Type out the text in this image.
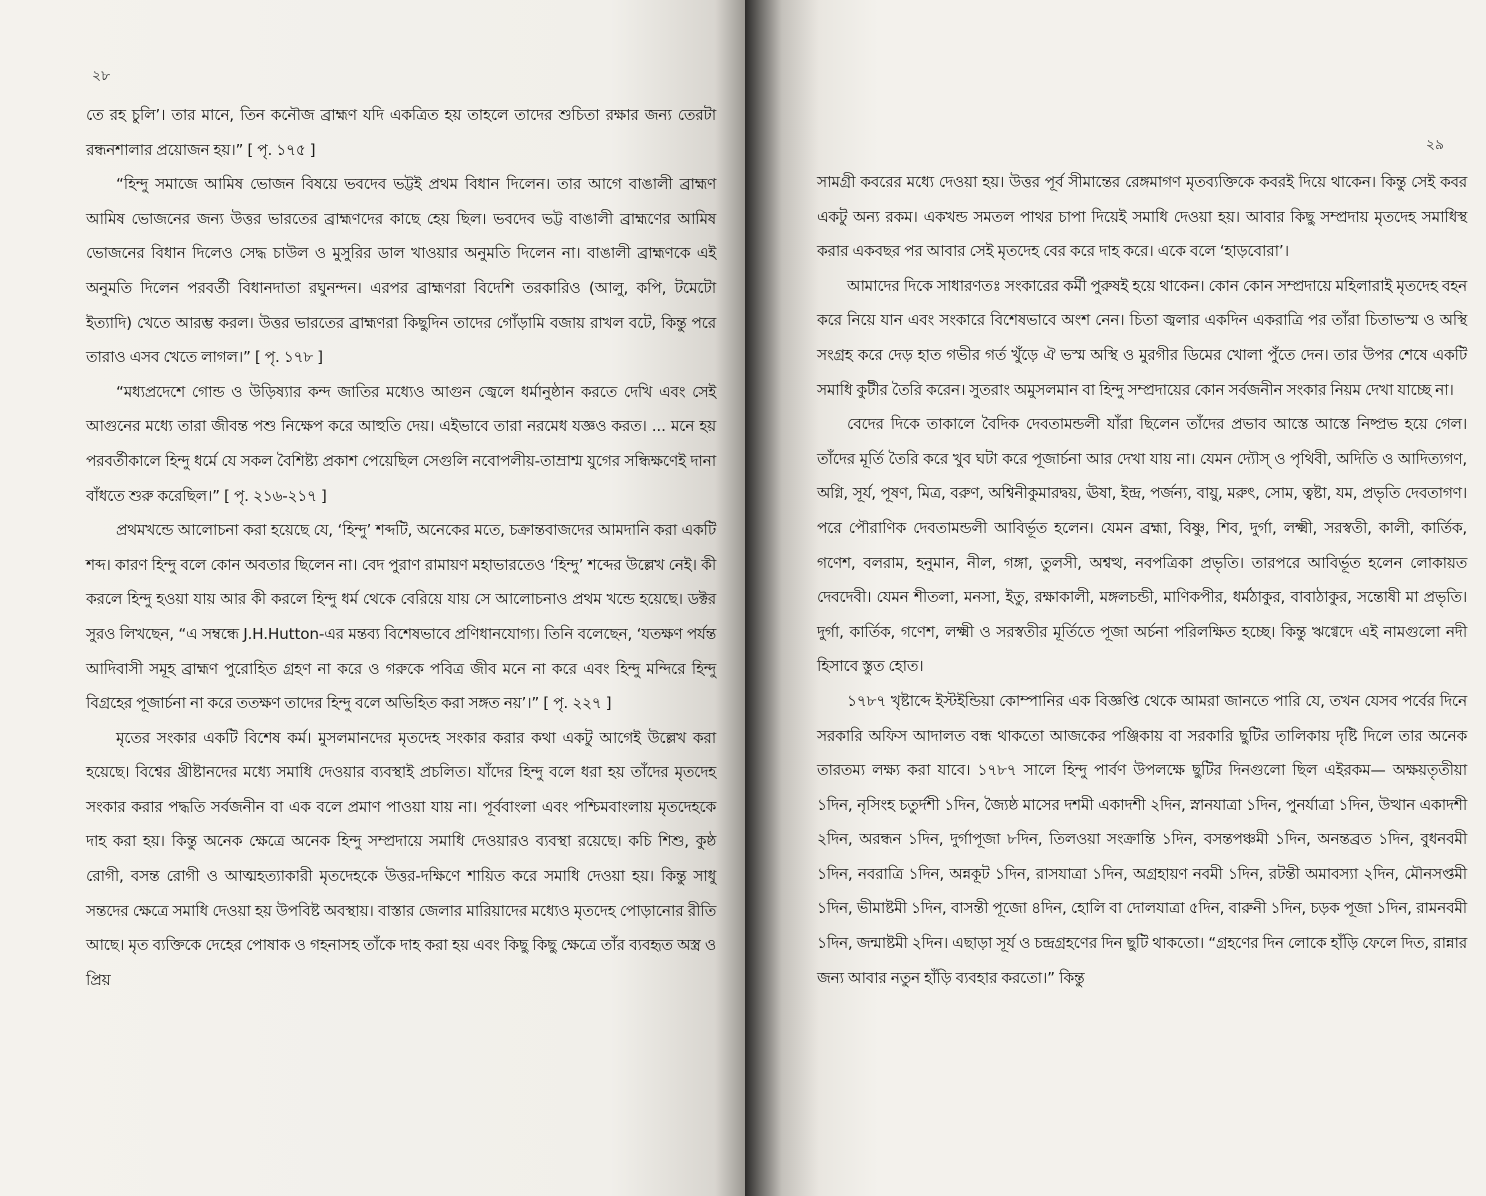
২৮

তে রহ চুলি’। তার মানে, তিন কনৌজ ব্রাহ্মণ যদি একত্রিত হয় তাহলে তাদের শুচিতা রক্ষার জন্য তেরটা রন্ধনশালার প্রয়োজন হয়।” [ পৃ. ১৭৫ ]

“হিন্দু সমাজে আমিষ ভোজন বিষয়ে ভবদেব ভট্টই প্রথম বিধান দিলেন। তার আগে বাঙালী ব্রাহ্মণ আমিষ ভোজনের জন্য উত্তর ভারতের ব্রাহ্মণদের কাছে হেয় ছিল। ভবদেব ভট্ট বাঙালী ব্রাহ্মণের আমিষ ভোজনের বিধান দিলেও সেদ্ধ চাউল ও মুসুরির ডাল খাওয়ার অনুমতি দিলেন না। বাঙালী ব্রাহ্মণকে এই অনুমতি দিলেন পরবর্তী বিধানদাতা রঘুনন্দন। এরপর ব্রাহ্মণরা বিদেশি তরকারিও (আলু, কপি, টমেটো ইত্যাদি) খেতে আরম্ভ করল। উত্তর ভারতের ব্রাহ্মণরা কিছুদিন তাদের গোঁড়ামি বজায় রাখল বটে, কিন্তু পরে তারাও এসব খেতে লাগল।” [ পৃ. ১৭৮ ]

“মধ্যপ্রদেশে গোন্ড ও উড়িষ্যার কন্দ জাতির মধ্যেও আগুন জ্বেলে ধর্মানুষ্ঠান করতে দেখি এবং সেই আগুনের মধ্যে তারা জীবন্ত পশু নিক্ষেপ করে আহুতি দেয়। এইভাবে তারা নরমেধ যজ্ঞও করত। ... মনে হয় পরবর্তীকালে হিন্দু ধর্মে যে সকল বৈশিষ্ট্য প্রকাশ পেয়েছিল সেগুলি নবোপলীয়-তাম্রাশ্ম যুগের সন্ধিক্ষণেই দানা বাঁধতে শুরু করেছিল।” [ পৃ. ২১৬-২১৭ ]

প্রথমখন্ডে আলোচনা করা হয়েছে যে, ‘হিন্দু’ শব্দটি, অনেকের মতে, চক্রান্তবাজদের আমদানি করা একটি শব্দ। কারণ হিন্দু বলে কোন অবতার ছিলেন না। বেদ পুরাণ রামায়ণ মহাভারতেও ‘হিন্দু’ শব্দের উল্লেখ নেই। কী করলে হিন্দু হওয়া যায় আর কী করলে হিন্দু ধর্ম থেকে বেরিয়ে যায় সে আলোচনাও প্রথম খন্ডে হয়েছে। ডক্টর সুরও লিখছেন, “এ সম্বন্ধে J.H.Hutton-এর মন্তব্য বিশেষভাবে প্রণিধানযোগ্য। তিনি বলেছেন, ‘যতক্ষণ পর্যন্ত আদিবাসী সমূহ ব্রাহ্মণ পুরোহিত গ্রহণ না করে ও গরুকে পবিত্র জীব মনে না করে এবং হিন্দু মন্দিরে হিন্দু বিগ্রহের পূজার্চনা না করে ততক্ষণ তাদের হিন্দু বলে অভিহিত করা সঙ্গত নয়’।” [ পৃ. ২২৭ ]

মৃতের সংকার একটি বিশেষ কর্ম। মুসলমানদের মৃতদেহ সংকার করার কথা একটু আগেই উল্লেখ করা হয়েছে। বিশ্বের খ্রীষ্টানদের মধ্যে সমাধি দেওয়ার ব্যবস্থাই প্রচলিত। যাঁদের হিন্দু বলে ধরা হয় তাঁদের মৃতদেহ সংকার করার পদ্ধতি সর্বজনীন বা এক বলে প্রমাণ পাওয়া যায় না। পূর্ববাংলা এবং পশ্চিমবাংলায় মৃতদেহকে দাহ করা হয়। কিন্তু অনেক ক্ষেত্রে অনেক হিন্দু সম্প্রদায়ে সমাধি দেওয়ারও ব্যবস্থা রয়েছে। কচি শিশু, কুষ্ঠ রোগী, বসন্ত রোগী ও আত্মহত্যাকারী মৃতদেহকে উত্তর-দক্ষিণে শায়িত করে সমাধি দেওয়া হয়। কিন্তু সাধু সন্তদের ক্ষেত্রে সমাধি দেওয়া হয় উপবিষ্ট অবস্থায়। বাস্তার জেলার মারিয়াদের মধ্যেও মৃতদেহ পোড়ানোর রীতি আছে। মৃত ব্যক্তিকে দেহের পোষাক ও গহনাসহ তাঁকে দাহ করা হয় এবং কিছু কিছু ক্ষেত্রে তাঁর ব্যবহৃত অস্ত্র ও প্রিয়

২৯

সামগ্রী কবরের মধ্যে দেওয়া হয়। উত্তর পূর্ব সীমান্তের রেঙ্গমাগণ মৃতব্যক্তিকে কবরই দিয়ে থাকেন। কিন্তু সেই কবর একটু অন্য রকম। একখন্ড সমতল পাথর চাপা দিয়েই সমাধি দেওয়া হয়। আবার কিছু সম্প্রদায় মৃতদেহ সমাধিস্থ করার একবছর পর আবার সেই মৃতদেহ বের করে দাহ করে। একে বলে ‘হাড়বোরা’।

আমাদের দিকে সাধারণতঃ সংকারের কর্মী পুরুষই হয়ে থাকেন। কোন কোন সম্প্রদায়ে মহিলারাই মৃতদেহ বহন করে নিয়ে যান এবং সংকারে বিশেষভাবে অংশ নেন। চিতা জ্বলার একদিন একরাত্রি পর তাঁরা চিতাভস্ম ও অস্থি সংগ্রহ করে দেড় হাত গভীর গর্ত খুঁড়ে ঐ ভস্ম অস্থি ও মুরগীর ডিমের খোলা পুঁতে দেন। তার উপর শেষে একটি সমাধি কুটীর তৈরি করেন। সুতরাং অমুসলমান বা হিন্দু সম্প্রদায়ের কোন সর্বজনীন সংকার নিয়ম দেখা যাচ্ছে না।

বেদের দিকে তাকালে বৈদিক দেবতামন্ডলী যাঁরা ছিলেন তাঁদের প্রভাব আস্তে আস্তে নিষ্প্রভ হয়ে গেল। তাঁদের মূর্তি তৈরি করে খুব ঘটা করে পূজার্চনা আর দেখা যায় না। যেমন দ্যৌস্ ও পৃথিবী, অদিতি ও আদিত্যগণ, অগ্নি, সূর্য, পূষণ, মিত্র, বরুণ, অশ্বিনীকুমারদ্বয়, ঊষা, ইন্দ্র, পর্জন্য, বায়ু, মরুৎ, সোম, ত্বষ্টা, যম, প্রভৃতি দেবতাগণ। পরে পৌরাণিক দেবতামন্ডলী আবির্ভূত হলেন। যেমন ব্রহ্মা, বিষ্ণু, শিব, দুর্গা, লক্ষ্মী, সরস্বতী, কালী, কার্তিক, গণেশ, বলরাম, হনুমান, নীল, গঙ্গা, তুলসী, অশ্বত্থ, নবপত্রিকা প্রভৃতি। তারপরে আবির্ভূত হলেন লোকায়ত দেবদেবী। যেমন শীতলা, মনসা, ইতু, রক্ষাকালী, মঙ্গলচন্ডী, মাণিকপীর, ধর্মঠাকুর, বাবাঠাকুর, সন্তোষী মা প্রভৃতি। দুর্গা, কার্তিক, গণেশ, লক্ষ্মী ও সরস্বতীর মূর্তিতে পূজা অর্চনা পরিলক্ষিত হচ্ছে। কিন্তু ঋগ্বেদে এই নামগুলো নদী হিসাবে স্তুত হোত।

১৭৮৭ খৃষ্টাব্দে ইস্টইন্ডিয়া কোম্পানির এক বিজ্ঞপ্তি থেকে আমরা জানতে পারি যে, তখন যেসব পর্বের দিনে সরকারি অফিস আদালত বন্ধ থাকতো আজকের পঞ্জিকায় বা সরকারি ছুটির তালিকায় দৃষ্টি দিলে তার অনেক তারতম্য লক্ষ্য করা যাবে। ১৭৮৭ সালে হিন্দু পার্বণ উপলক্ষে ছুটির দিনগুলো ছিল এইরকম— অক্ষয়তৃতীয়া ১দিন, নৃসিংহ চতুর্দশী ১দিন, জ্যৈষ্ঠ মাসের দশমী একাদশী ২দিন, স্নানযাত্রা ১দিন, পুনর্যাত্রা ১দিন, উত্থান একাদশী ২দিন, অরন্ধন ১দিন, দুর্গাপূজা ৮দিন, তিলওয়া সংক্রান্তি ১দিন, বসন্তপঞ্চমী ১দিন, অনন্তব্রত ১দিন, বুধনবমী ১দিন, নবরাত্রি ১দিন, অন্নকূট ১দিন, রাসযাত্রা ১দিন, অগ্রহায়ণ নবমী ১দিন, রটন্তী অমাবস্যা ২দিন, মৌনসপ্তমী ১দিন, ভীমাষ্টমী ১দিন, বাসন্তী পূজো ৪দিন, হোলি বা দোলযাত্রা ৫দিন, বারুনী ১দিন, চড়ক পূজা ১দিন, রামনবমী ১দিন, জন্মাষ্টমী ২দিন। এছাড়া সূর্য ও চন্দ্রগ্রহণের দিন ছুটি থাকতো। “গ্রহণের দিন লোকে হাঁড়ি ফেলে দিত, রান্নার জন্য আবার নতুন হাঁড়ি ব্যবহার করতো।” কিন্তু
